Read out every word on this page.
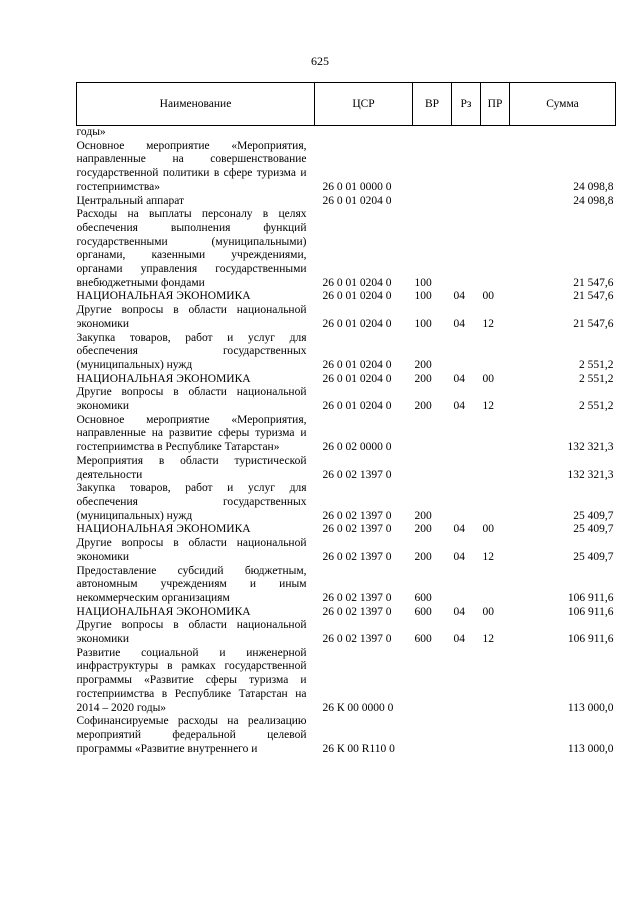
625
Наименование	ЦСР	ВР	Рз	ПР	Сумма
годы»					
Основное мероприятие «Мероприятия, направленные на совершенствование государственной политики в сфере туризма и гостеприимства»	26 0 01 0000 0				24 098,8
Центральный аппарат	26 0 01 0204 0				24 098,8
Расходы на выплаты персоналу в целях обеспечения выполнения функций государственными (муниципальными) органами, казенными учреждениями, органами управления государственными внебюджетными фондами	26 0 01 0204 0	100			21 547,6
НАЦИОНАЛЬНАЯ ЭКОНОМИКА	26 0 01 0204 0	100	04	00	21 547,6
Другие вопросы в области национальной экономики	26 0 01 0204 0	100	04	12	21 547,6
Закупка товаров, работ и услуг для обеспечения государственных (муниципальных) нужд	26 0 01 0204 0	200			2 551,2
НАЦИОНАЛЬНАЯ ЭКОНОМИКА	26 0 01 0204 0	200	04	00	2 551,2
Другие вопросы в области национальной экономики	26 0 01 0204 0	200	04	12	2 551,2
Основное мероприятие «Мероприятия, направленные на развитие сферы туризма и гостеприимства в Республике Татарстан»	26 0 02 0000 0				132 321,3
Мероприятия в области туристической деятельности	26 0 02 1397 0				132 321,3
Закупка товаров, работ и услуг для обеспечения государственных (муниципальных) нужд	26 0 02 1397 0	200			25 409,7
НАЦИОНАЛЬНАЯ ЭКОНОМИКА	26 0 02 1397 0	200	04	00	25 409,7
Другие вопросы в области национальной экономики	26 0 02 1397 0	200	04	12	25 409,7
Предоставление субсидий бюджетным, автономным учреждениям и иным некоммерческим организациям	26 0 02 1397 0	600			106 911,6
НАЦИОНАЛЬНАЯ ЭКОНОМИКА	26 0 02 1397 0	600	04	00	106 911,6
Другие вопросы в области национальной экономики	26 0 02 1397 0	600	04	12	106 911,6
Развитие социальной и инженерной инфраструктуры в рамках государственной программы «Развитие сферы туризма и гостеприимства в Республике Татарстан на 2014 – 2020 годы»	26 К 00 0000 0				113 000,0
Софинансируемые расходы на реализацию мероприятий федеральной целевой программы «Развитие внутреннего и	26 К 00 R110 0				113 000,0
